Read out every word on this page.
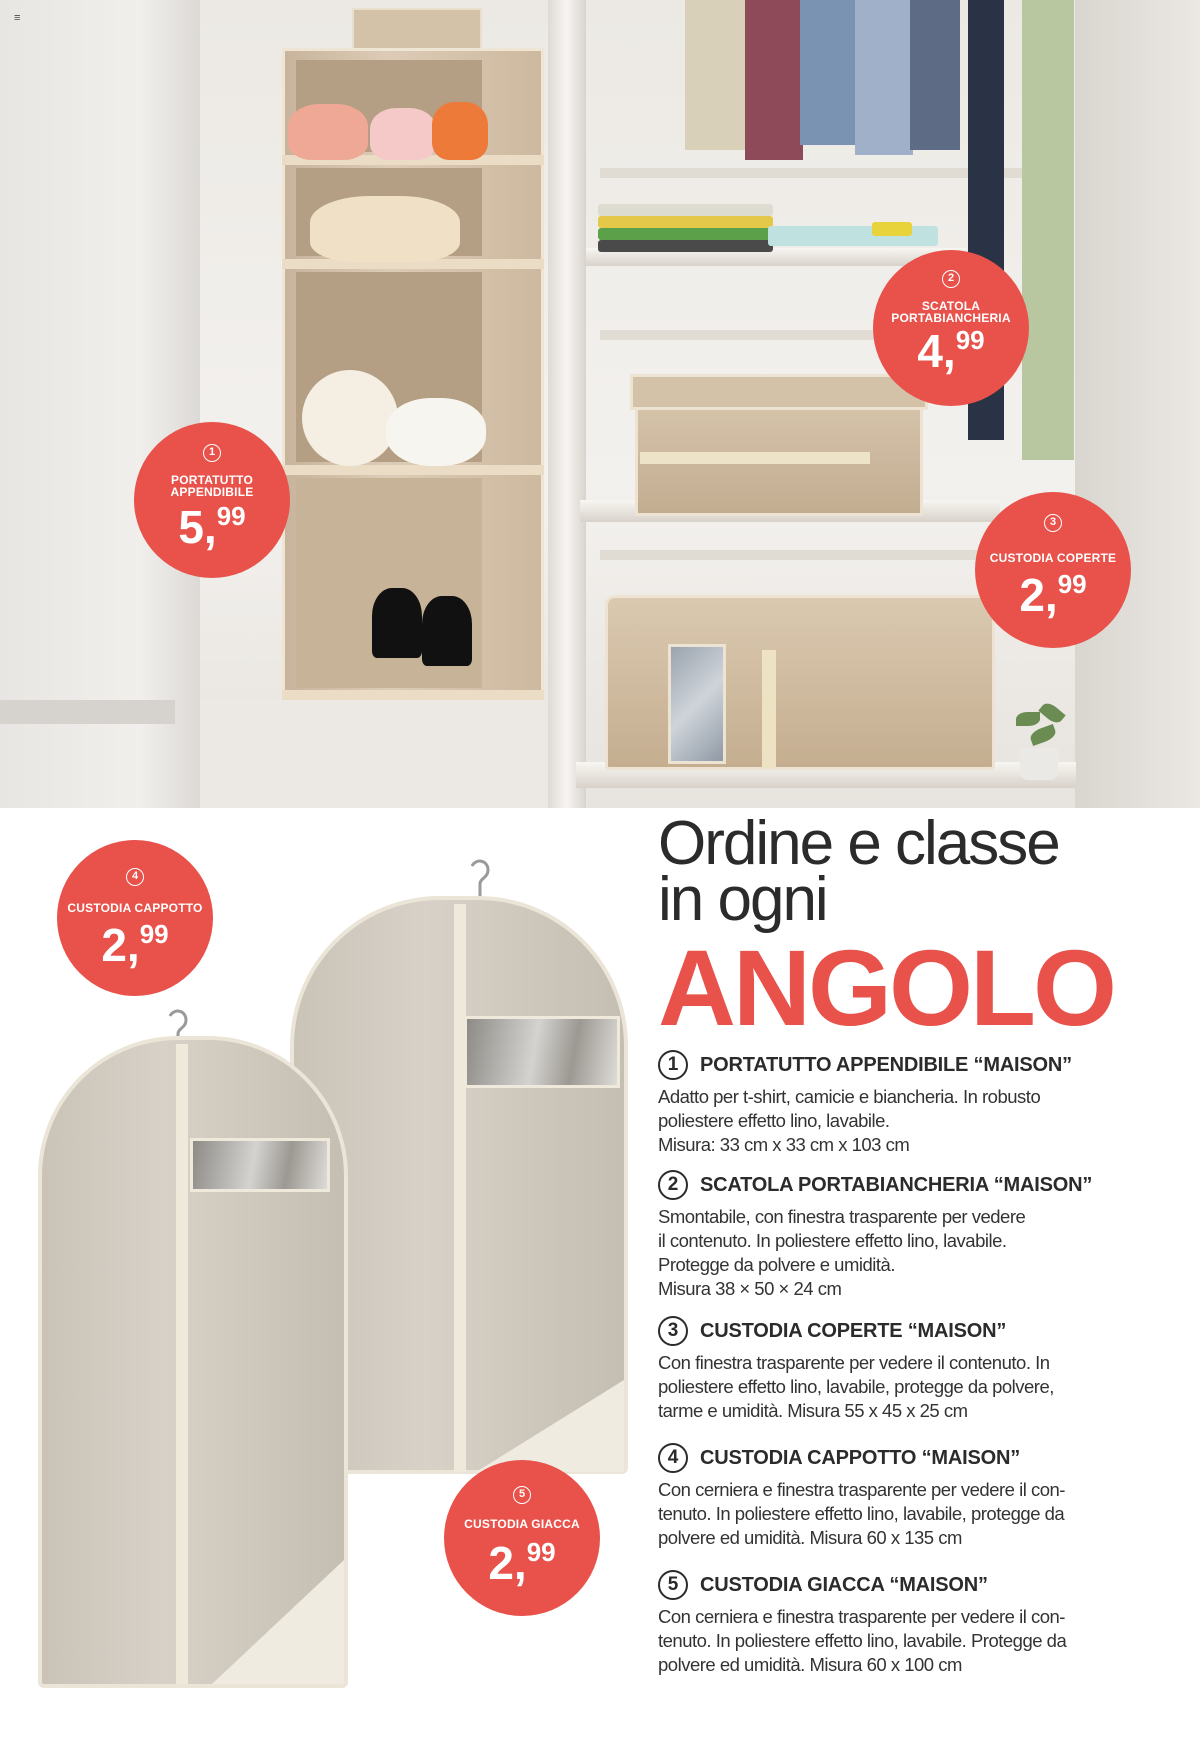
≡
1
PORTATUTTO
APPENDIBILE
5,99
2
SCATOLA
PORTABIANCHERIA
4,99
3
CUSTODIA COPERTE
2,99
4
CUSTODIA CAPPOTTO
2,99
5
CUSTODIA GIACCA
2,99
Ordine e classe
in ogni
ANGOLO
1	PORTATUTTO APPENDIBILE “MAISON”
Adatto per t-shirt, camicie e biancheria. In robusto
poliestere effetto lino, lavabile.
Misura: 33 cm x 33 cm x 103 cm
2	SCATOLA PORTABIANCHERIA “MAISON”
Smontabile, con finestra trasparente per vedere
il contenuto. In poliestere effetto lino, lavabile.
Protegge da polvere e umidità.
Misura 38 × 50 × 24 cm
3	CUSTODIA COPERTE “MAISON”
Con finestra trasparente per vedere il contenuto. In
poliestere effetto lino, lavabile, protegge da polvere,
tarme e umidità. Misura 55 x 45 x 25 cm
4	CUSTODIA CAPPOTTO “MAISON”
Con cerniera e finestra trasparente per vedere il con-
tenuto. In poliestere effetto lino, lavabile, protegge da
polvere ed umidità. Misura 60 x 135 cm
5	CUSTODIA GIACCA “MAISON”
Con cerniera e finestra trasparente per vedere il con-
tenuto. In poliestere effetto lino, lavabile. Protegge da
polvere ed umidità. Misura 60 x 100 cm
